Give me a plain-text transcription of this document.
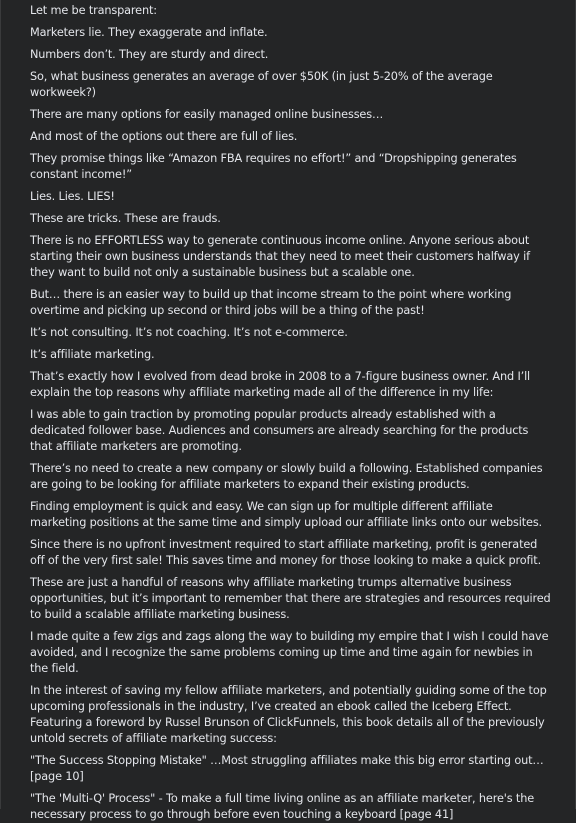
Let me be transparent:

Marketers lie. They exaggerate and inflate.

Numbers don’t. They are sturdy and direct.

So, what business generates an average of over $50K (in just 5-20% of the average workweek?)

There are many options for easily managed online businesses…

And most of the options out there are full of lies.

They promise things like “Amazon FBA requires no effort!” and “Dropshipping generates constant income!”

Lies. Lies. LIES!

These are tricks. These are frauds.

There is no EFFORTLESS way to generate continuous income online. Anyone serious about starting their own business understands that they need to meet their customers halfway if they want to build not only a sustainable business but a scalable one.

But… there is an easier way to build up that income stream to the point where working overtime and picking up second or third jobs will be a thing of the past!

It’s not consulting. It’s not coaching. It’s not e-commerce.

It’s affiliate marketing.

That’s exactly how I evolved from dead broke in 2008 to a 7-figure business owner. And I’ll explain the top reasons why affiliate marketing made all of the difference in my life:

I was able to gain traction by promoting popular products already established with a dedicated follower base. Audiences and consumers are already searching for the products that affiliate marketers are promoting.

There’s no need to create a new company or slowly build a following. Established companies are going to be looking for affiliate marketers to expand their existing products.

Finding employment is quick and easy. We can sign up for multiple different affiliate marketing positions at the same time and simply upload our affiliate links onto our websites.

Since there is no upfront investment required to start affiliate marketing, profit is generated off of the very first sale! This saves time and money for those looking to make a quick profit.

These are just a handful of reasons why affiliate marketing trumps alternative business opportunities, but it’s important to remember that there are strategies and resources required to build a scalable affiliate marketing business.

I made quite a few zigs and zags along the way to building my empire that I wish I could have avoided, and I recognize the same problems coming up time and time again for newbies in the field.

In the interest of saving my fellow affiliate marketers, and potentially guiding some of the top upcoming professionals in the industry, I’ve created an ebook called the Iceberg Effect. Featuring a foreword by Russel Brunson of ClickFunnels, this book details all of the previously untold secrets of affiliate marketing success:

"The Success Stopping Mistake" …Most struggling affiliates make this big error starting out… [page 10]

"The 'Multi-Q' Process" - To make a full time living online as an affiliate marketer, here's the necessary process to go through before even touching a keyboard [page 41]
